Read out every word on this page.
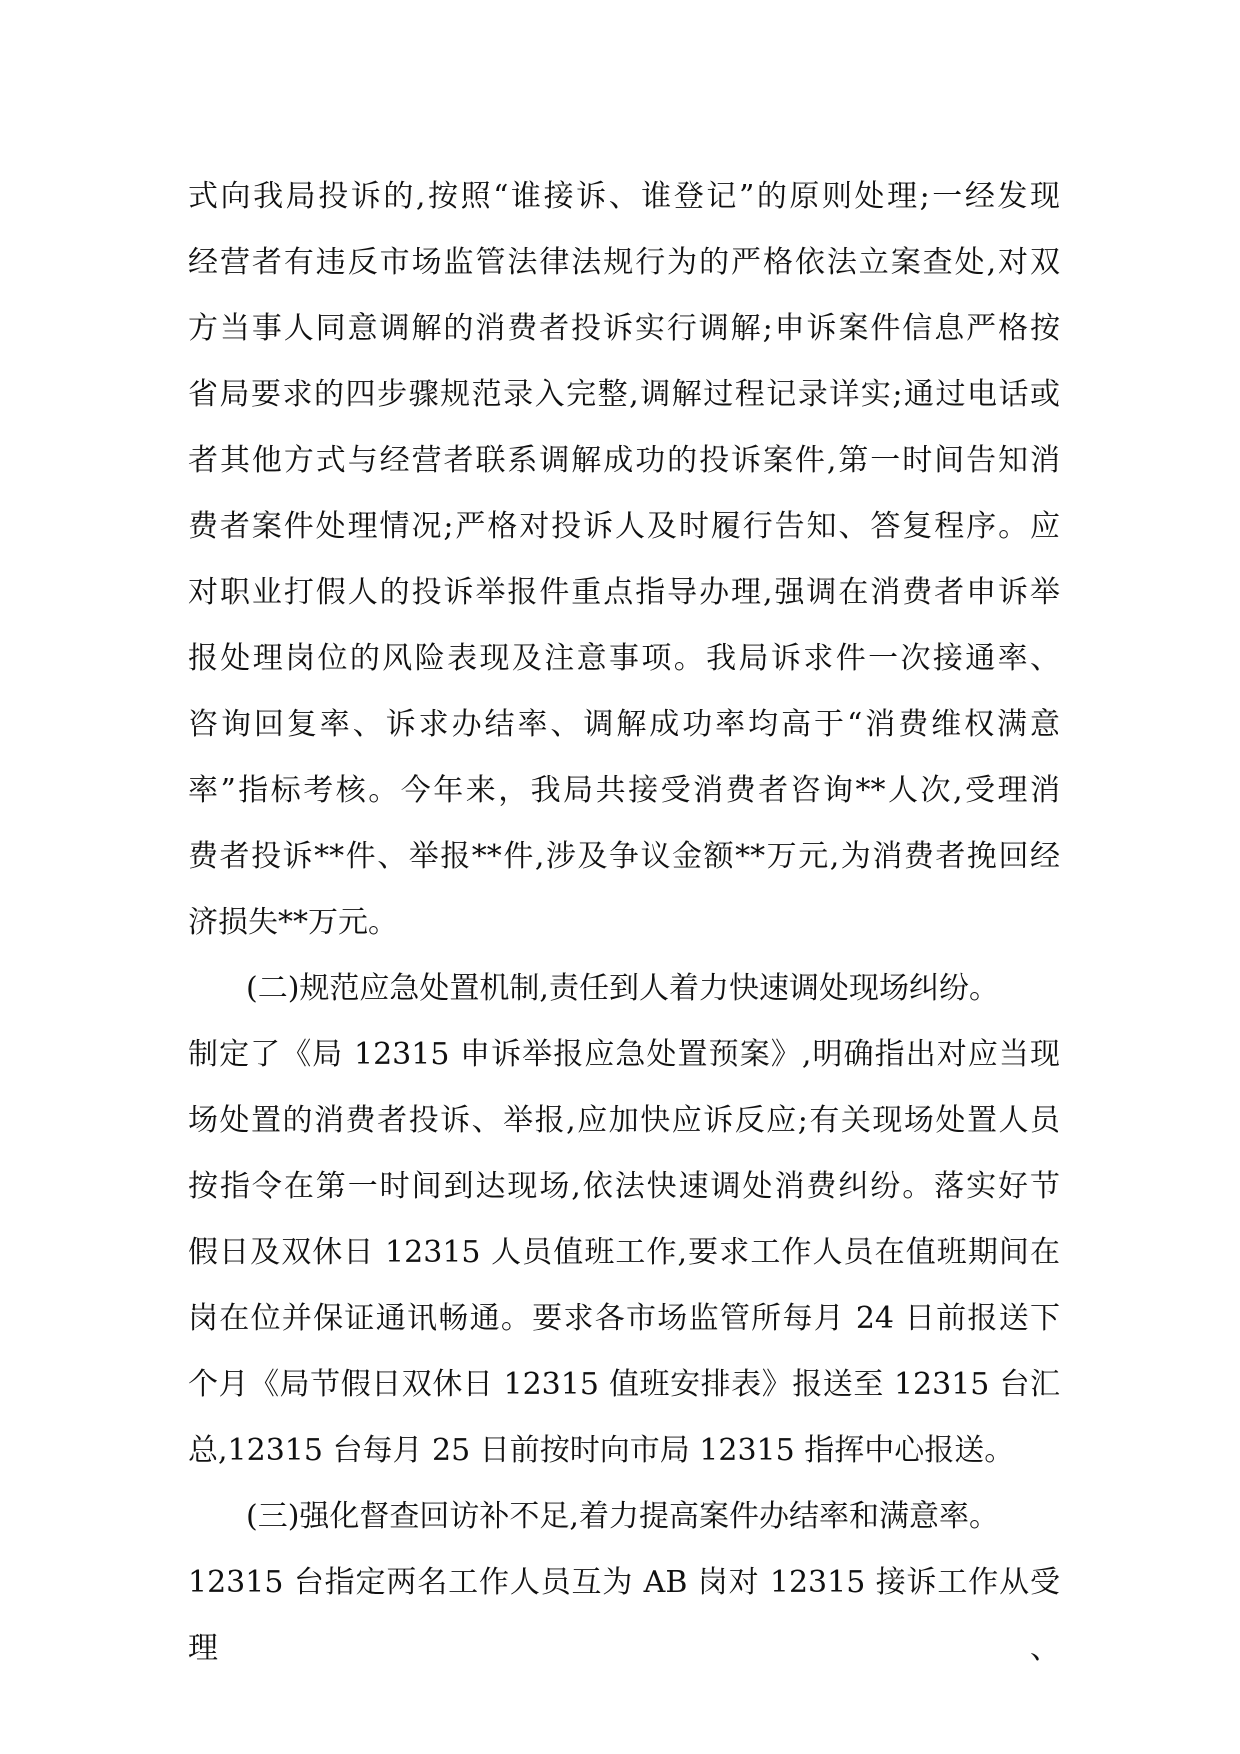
式向我局投诉的,按照“谁接诉、谁登记”的原则处理;一经发现
经营者有违反市场监管法律法规行为的严格依法立案查处,对双
方当事人同意调解的消费者投诉实行调解;申诉案件信息严格按
省局要求的四步骤规范录入完整,调解过程记录详实;通过电话或
者其他方式与经营者联系调解成功的投诉案件,第一时间告知消
费者案件处理情况;严格对投诉人及时履行告知、答复程序。应
对职业打假人的投诉举报件重点指导办理,强调在消费者申诉举
报处理岗位的风险表现及注意事项。我局诉求件一次接通率、
咨询回复率、诉求办结率、调解成功率均高于“消费维权满意
率”指标考核。今年来，我局共接受消费者咨询**人次,受理消
费者投诉**件、举报**件,涉及争议金额**万元,为消费者挽回经
济损失**万元。
(二)规范应急处置机制,责任到人着力快速调处现场纠纷。
制定了《局 12315 申诉举报应急处置预案》,明确指出对应当现
场处置的消费者投诉、举报,应加快应诉反应;有关现场处置人员
按指令在第一时间到达现场,依法快速调处消费纠纷。落实好节
假日及双休日 12315 人员值班工作,要求工作人员在值班期间在
岗在位并保证通讯畅通。要求各市场监管所每月 24 日前报送下
个月《局节假日双休日 12315 值班安排表》报送至 12315 台汇
总,12315 台每月 25 日前按时向市局 12315 指挥中心报送。
(三)强化督查回访补不足,着力提高案件办结率和满意率。
12315 台指定两名工作人员互为 AB 岗对 12315 接诉工作从受理、
